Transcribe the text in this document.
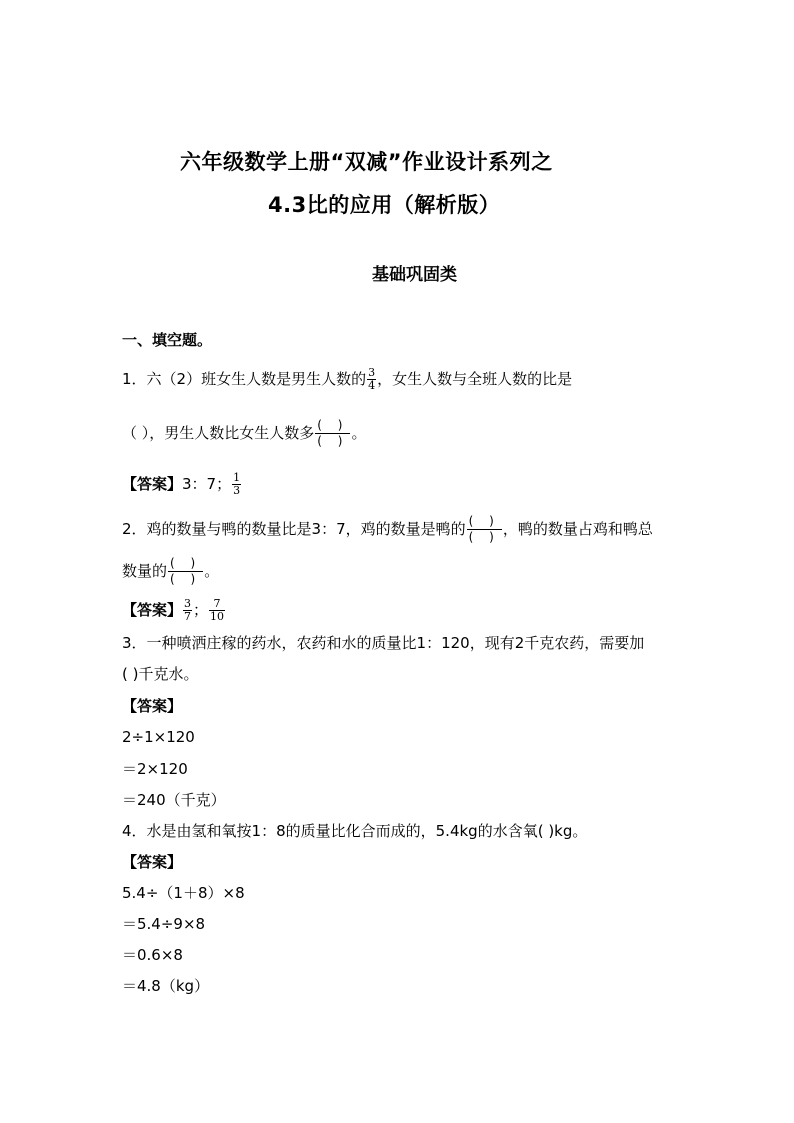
六年级数学上册“双减”作业设计系列之
4.3比的应用（解析版）
基础巩固类
一、填空题。
1．六（2）班女生人数是男生人数的 $\frac{3}{4}$ ，女生人数与全班人数的比是
（ ），男生人数比女生人数多 $\frac{( )}{( )}$ 。
【答案】3：7； $\frac{1}{3}$
2．鸡的数量与鸭的数量比是3：7，鸡的数量是鸭的 $\frac{( )}{( )}$ ，鸭的数量占鸡和鸭总
数量的 $\frac{( )}{( )}$ 。
【答案】 $\frac{3}{7}$ ； $\frac{7}{10}$
3．一种喷洒庄稼的药水，农药和水的质量比1：120，现有2千克农药，需要加
( )千克水。
【答案】
2÷1×120
＝2×120
＝240（千克）
4．水是由氢和氧按1：8的质量比化合而成的，5.4kg的水含氧( )kg。
【答案】
5.4÷（1＋8）×8
＝5.4÷9×8
＝0.6×8
＝4.8（kg）
